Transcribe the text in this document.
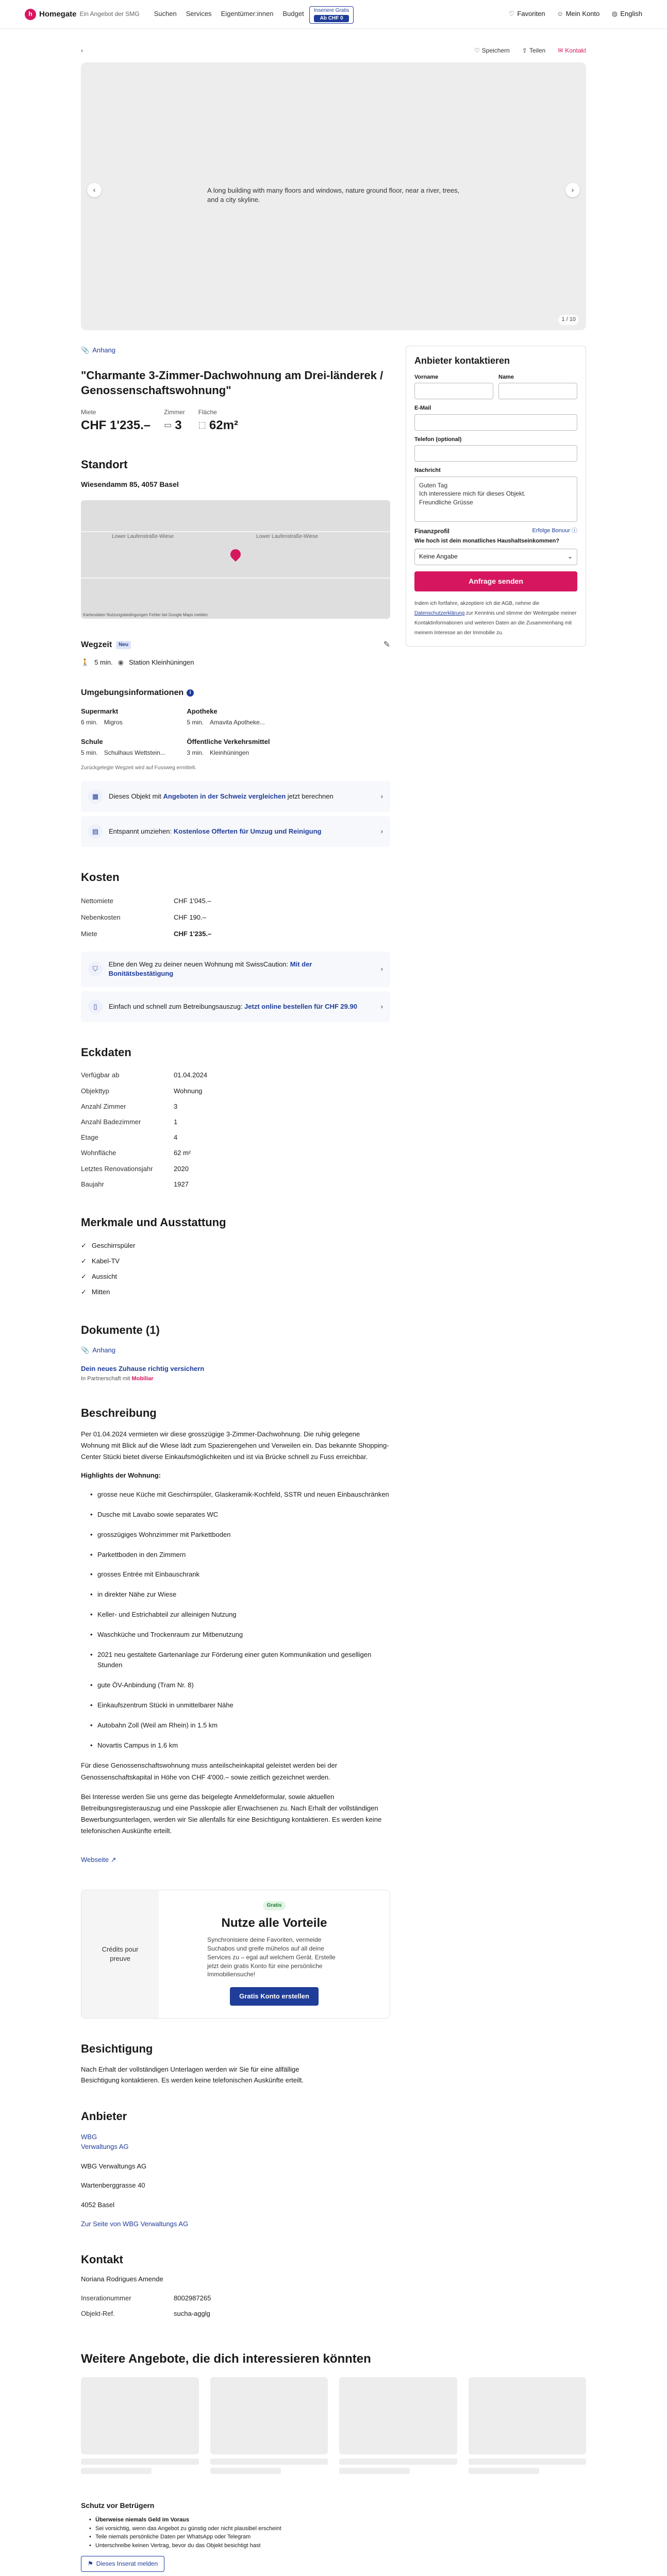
h Homegate Ein Angebot der SMG Suchen Services Eigentümer:innen Budget	Inseriere Gratis
Ab CHF 0
♡ Favoriten ☺ Mein Konto ◍ English
‹	♡ Speichern ⇪ Teilen ✉ Kontakt
‹	A long building with many floors and windows, nature ground floor, near a river, trees, and a city skyline.
›
1 / 10
📎 Anhang
"Charmante 3-Zimmer-Dachwohnung am Drei-länderek / Genossenschaftswohnung"
Miete
CHF 1'235.–
Zimmer
▭ 3
Fläche
⬚ 62m²
Standort
Wiesendamm 85, 4057 Basel
Lower Laufenstraße-Wiese	Lower Laufenstraße-Wiese
Kartendaten Nutzungsbedingungen Fehler bei Google Maps melden
Wegzeit	Neu	✎
🚶 5 min. ◉ Station Kleinhüningen
Umgebungsinformationen	i
Supermarkt
6 min. Migros
Apotheke
5 min. Amavita Apotheke...
Schule
5 min. Schulhaus Wettstein...
Öffentliche Verkehrsmittel
3 min. Kleinhüningen
Zurückgelegte Wegzeit wird auf Fussweg ermittelt.
▦	Dieses Objekt mit Angeboten in der Schweiz vergleichen jetzt berechnen	›
▤	Entspannt umziehen: Kostenlose Offerten für Umzug und Reinigung	›
Kosten
Nettomiete	CHF 1'045.–
Nebenkosten	CHF 190.–
Miete	CHF 1'235.–
⛉
Ebne den Weg zu deiner neuen Wohnung mit SwissCaution: Mit der Bonitätsbestätigung
›
▯	Einfach und schnell zum Betreibungsauszug: Jetzt online bestellen für CHF 29.90	›
Eckdaten
Verfügbar ab	01.04.2024
Objekttyp	Wohnung
Anzahl Zimmer	3
Anzahl Badezimmer	1
Etage	4
Wohnfläche	62 m²
Letztes Renovationsjahr	2020
Baujahr	1927
Merkmale und Ausstattung
✓ Geschirrspüler
✓ Kabel-TV
✓ Aussicht
✓ Mitten
Dokumente (1)
📎 Anhang
Dein neues Zuhause richtig versichern
In Partnerschaft mit Mobiliar
Beschreibung

Per 01.04.2024 vermieten wir diese grosszügige 3-Zimmer-Dachwohnung. Die ruhig gelegene Wohnung mit Blick auf die Wiese lädt zum Spazierengehen und Verweilen ein. Das bekannte Shopping-Center Stücki bietet diverse Einkaufsmöglichkeiten und ist via Brücke schnell zu Fuss erreichbar.

Highlights der Wohnung:
• grosse neue Küche mit Geschirrspüler, Glaskeramik-Kochfeld, SSTR und neuen Einbauschränken
• Dusche mit Lavabo sowie separates WC
• grosszügiges Wohnzimmer mit Parkettboden
• Parkettboden in den Zimmern
• grosses Entrée mit Einbauschrank
• in direkter Nähe zur Wiese
• Keller- und Estrichabteil zur alleinigen Nutzung
• Waschküche und Trockenraum zur Mitbenutzung
• 2021 neu gestaltete Gartenanlage zur Förderung einer guten Kommunikation und geselligen Stunden
• gute ÖV-Anbindung (Tram Nr. 8)
• Einkaufszentrum Stücki in unmittelbarer Nähe
• Autobahn Zoll (Weil am Rhein) in 1.5 km
• Novartis Campus in 1.6 km

Für diese Genossenschaftswohnung muss anteilscheinkapital geleistet werden bei der Genossenschaftskapital in Höhe von CHF 4'000.– sowie zeitlich gezeichnet werden.

Bei Interesse werden Sie uns gerne das beigelegte Anmeldeformular, sowie aktuellen Betreibungsregisterauszug und eine Passkopie aller Erwachsenen zu. Nach Erhalt der vollständigen Bewerbungsunterlagen, werden wir Sie allenfalls für eine Besichtigung kontaktieren. Es werden keine telefonischen Auskünfte erteilt.

Webseite ↗
Crédits pour preuve
Gratis
Nutze alle Vorteile

Synchronisiere deine Favoriten, vermeide Suchabos und greife mühelos auf all deine Services zu – egal auf welchem Gerät. Erstelle jetzt dein gratis Konto für eine persönliche Immobiliensuche!

Gratis Konto erstellen
Besichtigung

Nach Erhalt der vollständigen Unterlagen werden wir Sie für eine allfällige Besichtigung kontaktieren. Es werden keine telefonischen Auskünfte erteilt.

Anbieter

WBG

Verwaltungs AG

WBG Verwaltungs AG

Wartenberggrasse 40

4052 Basel

Zur Seite von WBG Verwaltungs AG

Kontakt

Noriana Rodrigues Amende

Inserationummer	8002987265
Objekt-Ref.	sucha-agglg
Anbieter kontaktieren
Vorname	Name
E-Mail
Telefon (optional)
Nachricht
Guten Tag
Ich interessiere mich für dieses Objekt.
Freundliche Grüsse
Finanzprofil	Erfolge Bonuur ⓘ
Wie hoch ist dein monatliches Haushaltseinkommen?
Keine Angabe	⌄
Anfrage senden

Indem ich fortfahre, akzeptiere ich die AGB, nehme die Datenschutzerklärung zur Kenntnis und stimme der Weitergabe meiner Kontaktinformationen und weiteren Daten an die Zusammenhang mit meinem Interesse an der Immobilie zu.

Weitere Angebote, die dich interessieren könnten
Schutz vor Betrügern
• Überweise niemals Geld im Voraus
• Sei vorsichtig, wenn das Angebot zu günstig oder nicht plausibel erscheint
• Teile niemals persönliche Daten per WhatsApp oder Telegram
• Unterschreibe keinen Vertrag, bevor du das Objekt besichtigt hast
⚑ Dieses Inserat melden
